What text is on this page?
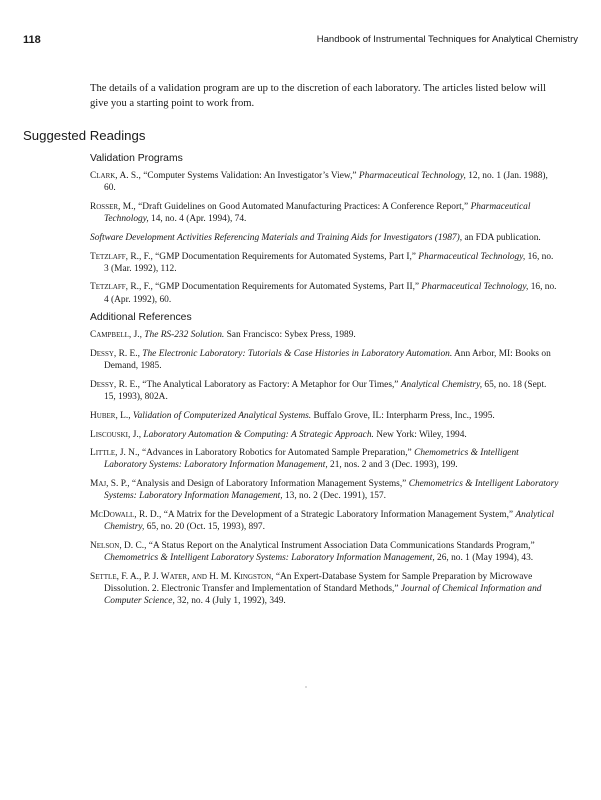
118	Handbook of Instrumental Techniques for Analytical Chemistry

The details of a validation program are up to the discretion of each laboratory. The articles listed below will give you a starting point to work from.

Suggested Readings
Validation Programs

Clark, A. S., “Computer Systems Validation: An Investigator’s View,” Pharmaceutical Technology, 12, no. 1 (Jan. 1988), 60.

Rosser, M., “Draft Guidelines on Good Automated Manufacturing Practices: A Conference Report,” Pharmaceutical Technology, 14, no. 4 (Apr. 1994), 74.

Software Development Activities Referencing Materials and Training Aids for Investigators (1987), an FDA publication.

Tetzlaff, R., F., “GMP Documentation Requirements for Automated Systems, Part I,” Pharmaceutical Technology, 16, no. 3 (Mar. 1992), 112.

Tetzlaff, R., F., “GMP Documentation Requirements for Automated Systems, Part II,” Pharmaceutical Technology, 16, no. 4 (Apr. 1992), 60.

Additional References

Campbell, J., The RS-232 Solution. San Francisco: Sybex Press, 1989.

Dessy, R. E., The Electronic Laboratory: Tutorials & Case Histories in Laboratory Automation. Ann Arbor, MI: Books on Demand, 1985.

Dessy, R. E., “The Analytical Laboratory as Factory: A Metaphor for Our Times,” Analytical Chemistry, 65, no. 18 (Sept. 15, 1993), 802A.

Huber, L., Validation of Computerized Analytical Systems. Buffalo Grove, IL: Interpharm Press, Inc., 1995.

Liscouski, J., Laboratory Automation & Computing: A Strategic Approach. New York: Wiley, 1994.

Little, J. N., “Advances in Laboratory Robotics for Automated Sample Preparation,” Chemometrics & Intelligent Laboratory Systems: Laboratory Information Management, 21, nos. 2 and 3 (Dec. 1993), 199.

Maj, S. P., “Analysis and Design of Laboratory Information Management Systems,” Chemometrics & Intelligent Laboratory Systems: Laboratory Information Management, 13, no. 2 (Dec. 1991), 157.

McDowall, R. D., “A Matrix for the Development of a Strategic Laboratory Information Management System,” Analytical Chemistry, 65, no. 20 (Oct. 15, 1993), 897.

Nelson, D. C., “A Status Report on the Analytical Instrument Association Data Communications Standards Program,” Chemometrics & Intelligent Laboratory Systems: Laboratory Information Management, 26, no. 1 (May 1994), 43.

Settle, F. A., P. J. Water, and H. M. Kingston, “An Expert-Database System for Sample Preparation by Microwave Dissolution. 2. Electronic Transfer and Implementation of Standard Methods,” Journal of Chemical Information and Computer Science, 32, no. 4 (July 1, 1992), 349.
